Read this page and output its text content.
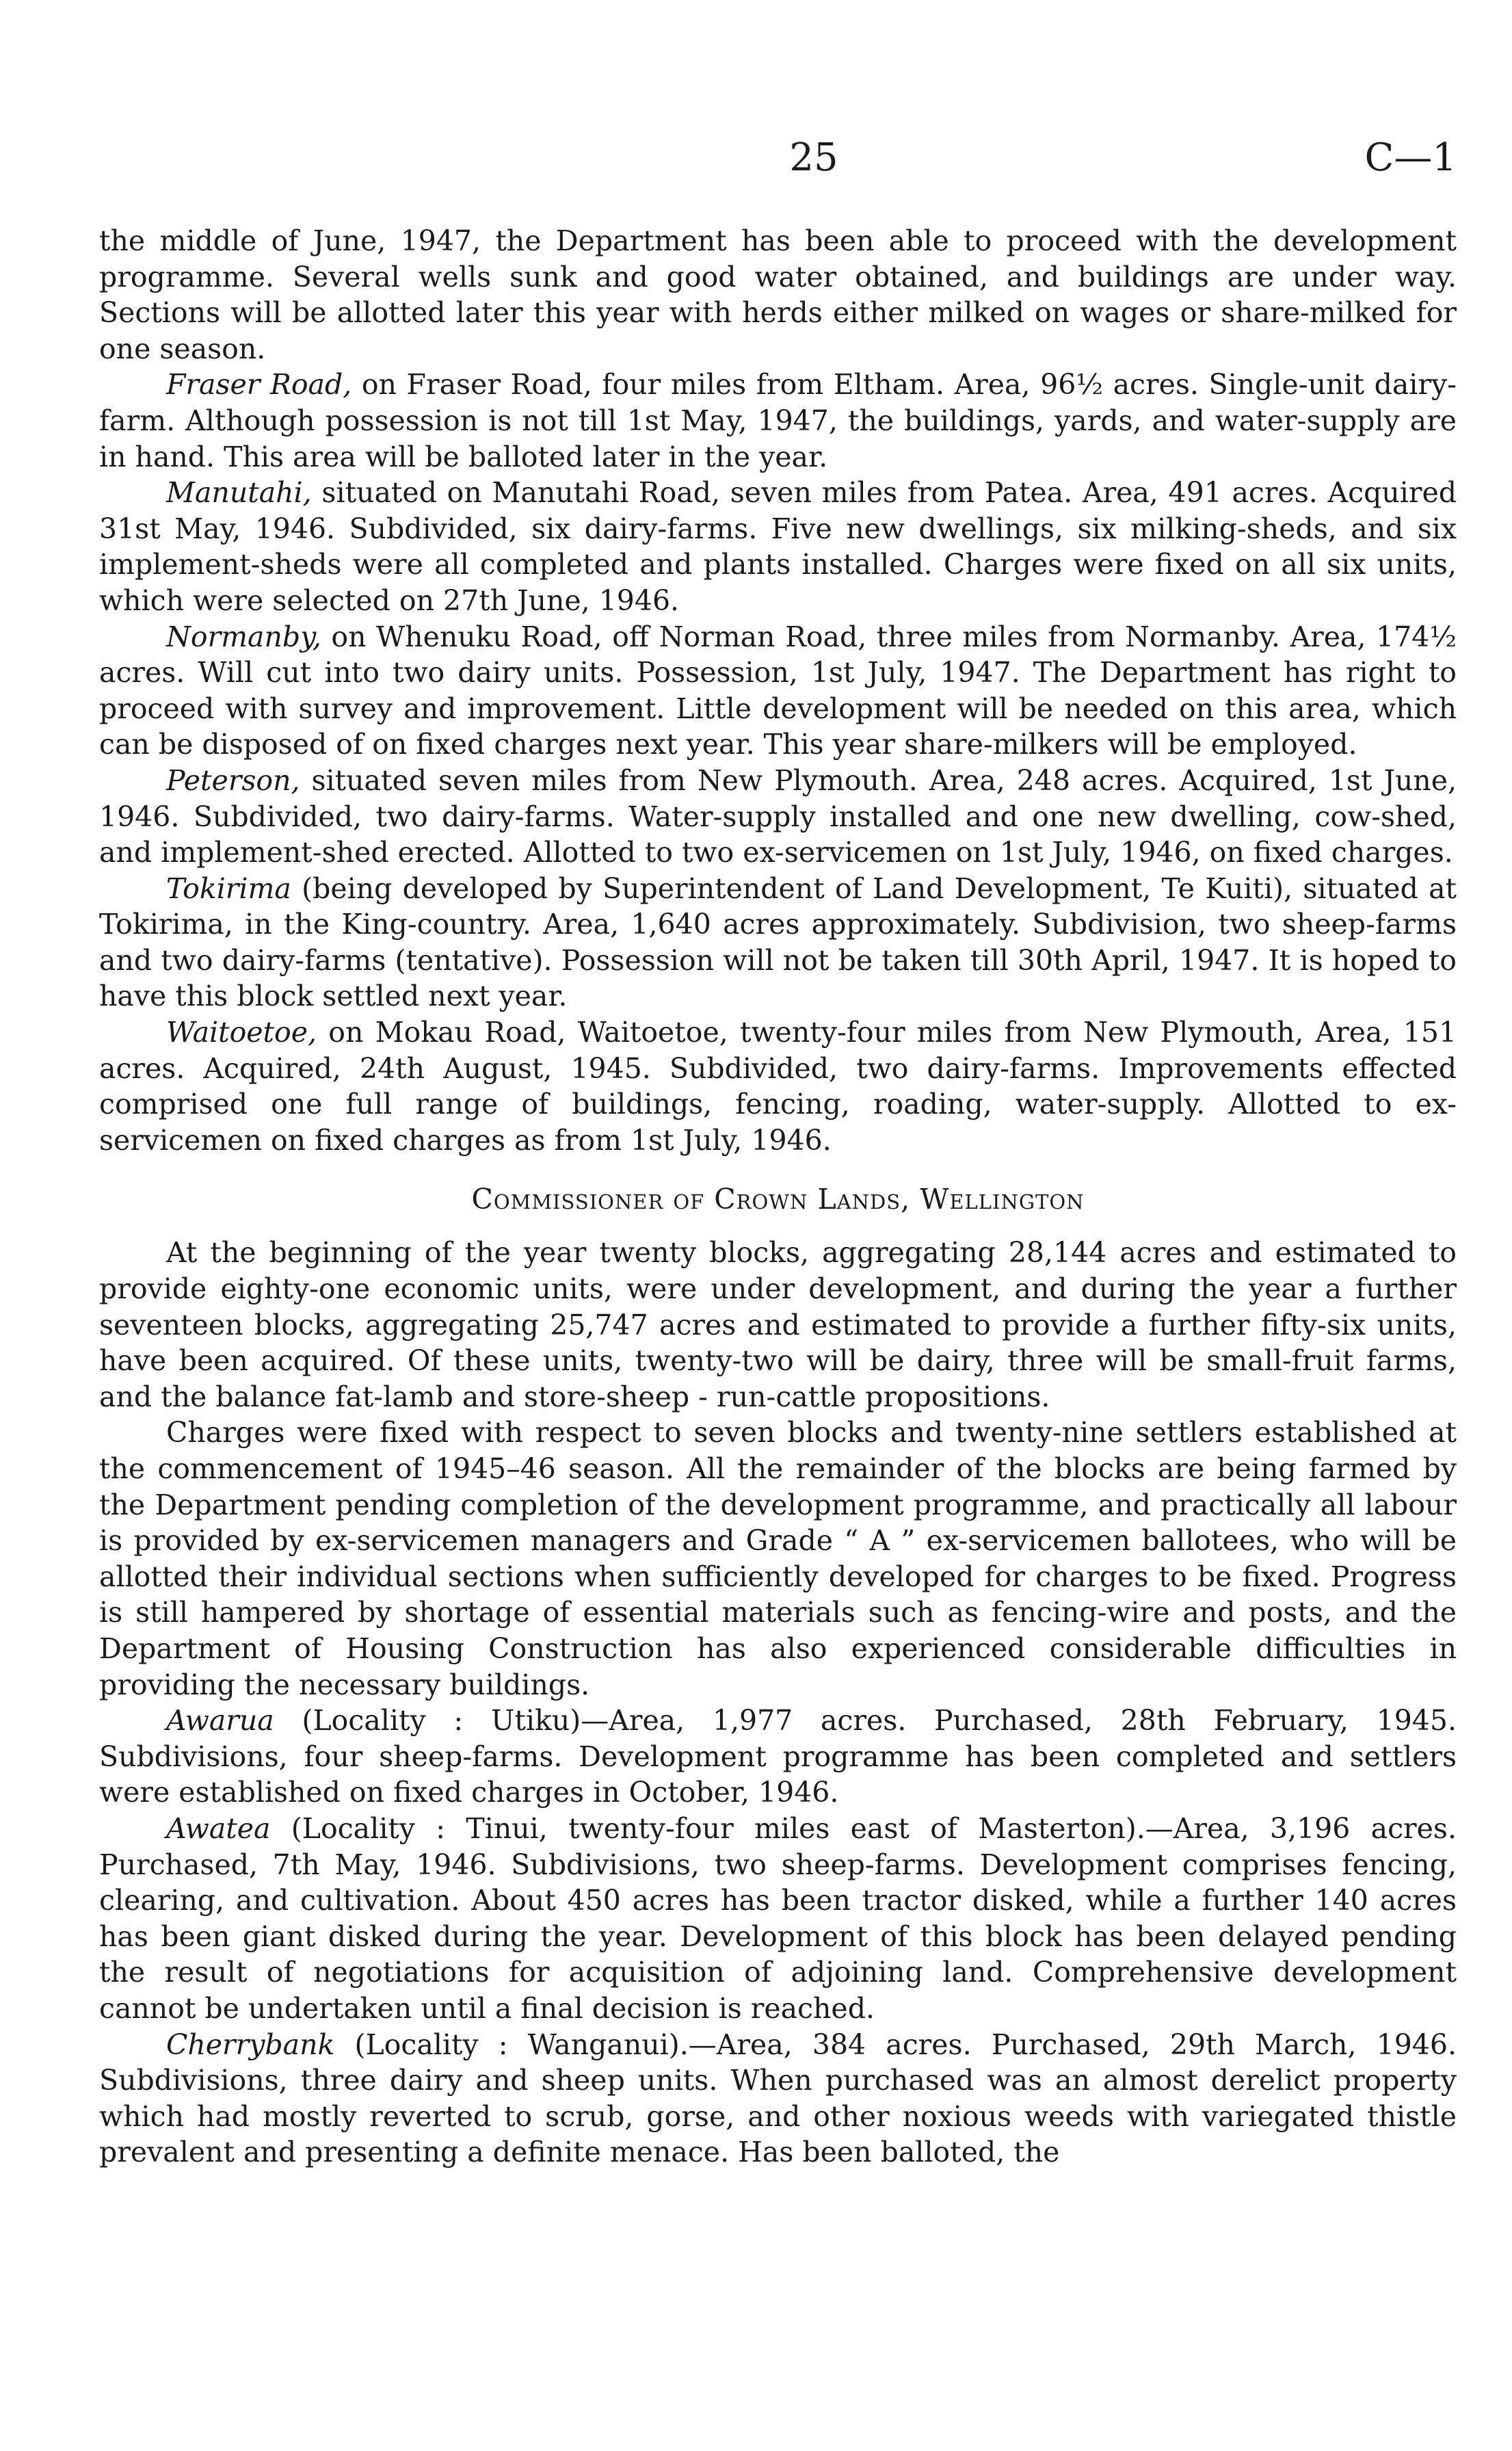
25	C—1

the middle of June, 1947, the Department has been able to proceed with the development programme. Several wells sunk and good water obtained, and buildings are under way. Sections will be allotted later this year with herds either milked on wages or share-milked for one season.

Fraser Road, on Fraser Road, four miles from Eltham. Area, 96½ acres. Single-unit dairy-farm. Although possession is not till 1st May, 1947, the buildings, yards, and water-supply are in hand. This area will be balloted later in the year.

Manutahi, situated on Manutahi Road, seven miles from Patea. Area, 491 acres. Acquired 31st May, 1946. Subdivided, six dairy-farms. Five new dwellings, six milking-sheds, and six implement-sheds were all completed and plants installed. Charges were fixed on all six units, which were selected on 27th June, 1946.

Normanby, on Whenuku Road, off Norman Road, three miles from Normanby. Area, 174½ acres. Will cut into two dairy units. Possession, 1st July, 1947. The Department has right to proceed with survey and improvement. Little development will be needed on this area, which can be disposed of on fixed charges next year. This year share-milkers will be employed.

Peterson, situated seven miles from New Plymouth. Area, 248 acres. Acquired, 1st June, 1946. Subdivided, two dairy-farms. Water-supply installed and one new dwelling, cow-shed, and implement-shed erected. Allotted to two ex-servicemen on 1st July, 1946, on fixed charges.

Tokirima (being developed by Superintendent of Land Development, Te Kuiti), situated at Tokirima, in the King-country. Area, 1,640 acres approximately. Subdivision, two sheep-farms and two dairy-farms (tentative). Possession will not be taken till 30th April, 1947. It is hoped to have this block settled next year.

Waitoetoe, on Mokau Road, Waitoetoe, twenty-four miles from New Plymouth, Area, 151 acres. Acquired, 24th August, 1945. Subdivided, two dairy-farms. Improvements effected comprised one full range of buildings, fencing, roading, water-supply. Allotted to ex-servicemen on fixed charges as from 1st July, 1946.

Commissioner of Crown Lands, Wellington

At the beginning of the year twenty blocks, aggregating 28,144 acres and estimated to provide eighty-one economic units, were under development, and during the year a further seventeen blocks, aggregating 25,747 acres and estimated to provide a further fifty-six units, have been acquired. Of these units, twenty-two will be dairy, three will be small-fruit farms, and the balance fat-lamb and store-sheep - run-cattle propositions.

Charges were fixed with respect to seven blocks and twenty-nine settlers established at the commencement of 1945–46 season. All the remainder of the blocks are being farmed by the Department pending completion of the development programme, and practically all labour is provided by ex-servicemen managers and Grade “ A ” ex-servicemen ballotees, who will be allotted their individual sections when sufficiently developed for charges to be fixed. Progress is still hampered by shortage of essential materials such as fencing-wire and posts, and the Department of Housing Construction has also experienced considerable difficulties in providing the necessary buildings.

Awarua (Locality : Utiku)—Area, 1,977 acres. Purchased, 28th February, 1945. Subdivisions, four sheep-farms. Development programme has been completed and settlers were established on fixed charges in October, 1946.

Awatea (Locality : Tinui, twenty-four miles east of Masterton).—Area, 3,196 acres. Purchased, 7th May, 1946. Subdivisions, two sheep-farms. Development comprises fencing, clearing, and cultivation. About 450 acres has been tractor disked, while a further 140 acres has been giant disked during the year. Development of this block has been delayed pending the result of negotiations for acquisition of adjoining land. Comprehensive development cannot be undertaken until a final decision is reached.

Cherrybank (Locality : Wanganui).—Area, 384 acres. Purchased, 29th March, 1946. Subdivisions, three dairy and sheep units. When purchased was an almost derelict property which had mostly reverted to scrub, gorse, and other noxious weeds with variegated thistle prevalent and presenting a definite menace. Has been balloted, the
